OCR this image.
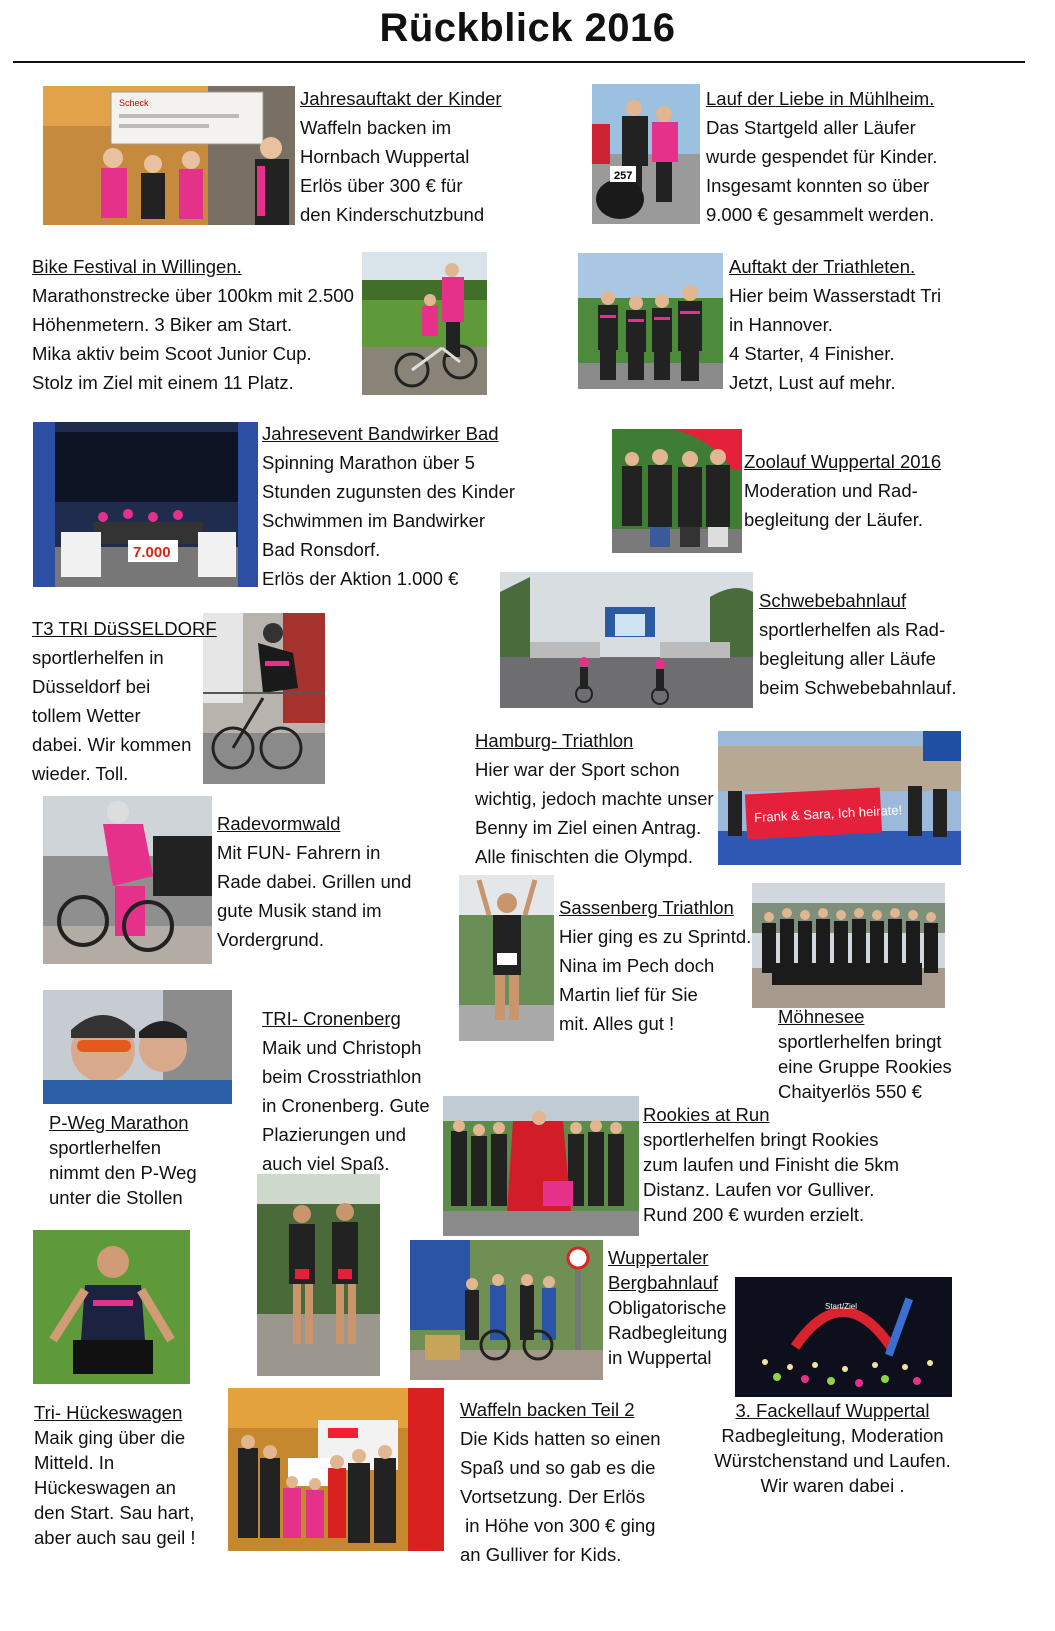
Rückblick 2016
Scheck
257
7.000
Frank & Sara, Ich heirate!
Start/Ziel
Jahresauftakt der Kinder
Waffeln backen im
Hornbach Wuppertal
Erlös über 300 € für
den Kinderschutzbund
Lauf der Liebe in Mühlheim.
Das Startgeld aller Läufer
wurde gespendet für Kinder.
Insgesamt konnten so über
9.000 € gesammelt werden.
Bike Festival in Willingen.
Marathonstrecke über 100km mit 2.500
Höhenmetern. 3 Biker am Start.
Mika aktiv beim Scoot Junior Cup.
Stolz im Ziel mit einem 11 Platz.
Auftakt der Triathleten.
Hier beim Wasserstadt Tri
in Hannover.
4 Starter, 4 Finisher.
Jetzt, Lust auf mehr.
Jahresevent Bandwirker Bad
Spinning Marathon über 5
Stunden zugunsten des Kinder
Schwimmen im Bandwirker
Bad Ronsdorf.
Erlös der Aktion 1.000 €
Zoolauf Wuppertal 2016
Moderation und Rad-
begleitung der Läufer.
Schwebebahnlauf
sportlerhelfen als Rad-
begleitung aller Läufe
beim Schwebebahnlauf.
T3 TRI DüSSELDORF
sportlerhelfen in
Düsseldorf bei
tollem Wetter
dabei. Wir kommen
wieder. Toll.
Hamburg- Triathlon
Hier war der Sport schon
wichtig, jedoch machte unser
Benny im Ziel einen Antrag.
Alle finischten die Olympd.
Radevormwald
Mit FUN- Fahrern in
Rade dabei. Grillen und
gute Musik stand im
Vordergrund.
Sassenberg Triathlon
Hier ging es zu Sprintd.
Nina im Pech doch
Martin lief für Sie
mit. Alles gut !	Möhnesee
sportlerhelfen bringt
eine Gruppe Rookies
Chaityerlös 550 €
TRI- Cronenberg
Maik und Christoph
beim Crosstriathlon
in Cronenberg. Gute
Plazierungen und
auch viel Spaß.
P-Weg Marathon
sportlerhelfen
nimmt den P-Weg
unter die Stollen
Rookies at Run
sportlerhelfen bringt Rookies
zum laufen und Finisht die 5km
Distanz. Laufen vor Gulliver.
Rund 200 € wurden erzielt.
Wuppertaler
Bergbahnlauf
Obligatorische
Radbegleitung
in Wuppertal
Tri- Hückeswagen
Maik ging über die
Mitteld. In
Hückeswagen an
den Start. Sau hart,
aber auch sau geil !
Waffeln backen Teil 2
Die Kids hatten so einen
Spaß und so gab es die
Vortsetzung. Der Erlös
in Höhe von 300 € ging
an Gulliver for Kids.
3. Fackellauf Wuppertal
Radbegleitung, Moderation
Würstchenstand und Laufen.
Wir waren dabei .
